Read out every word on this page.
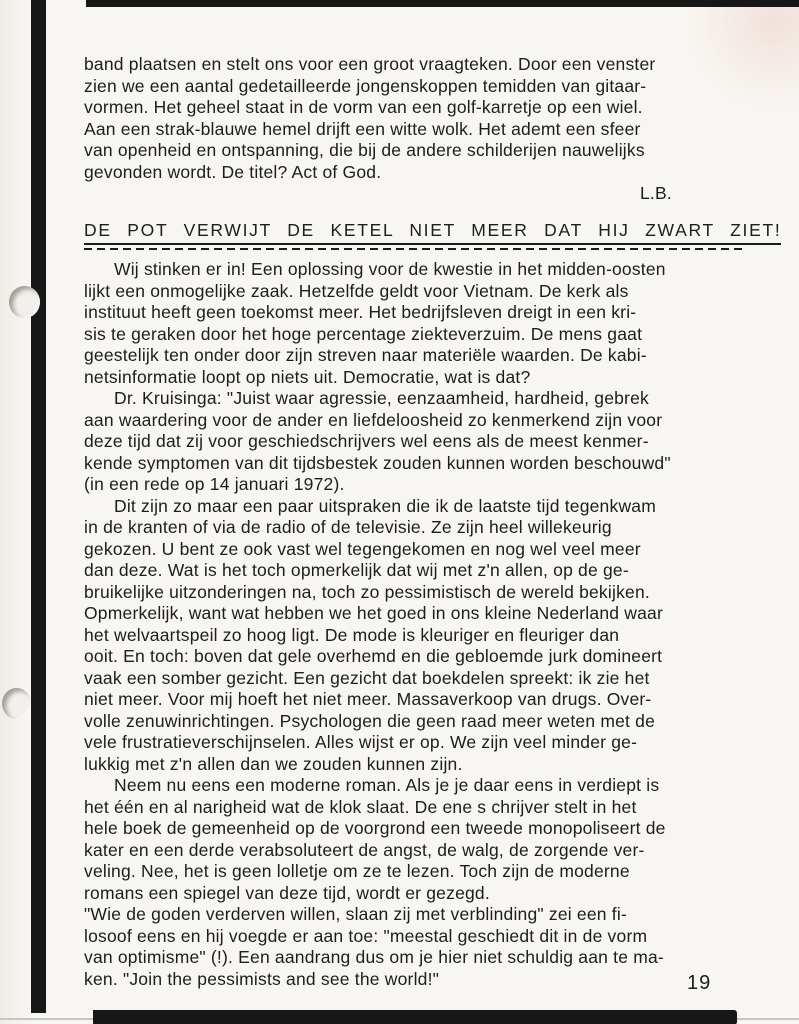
band plaatsen en stelt ons voor een groot vraagteken. Door een venster
zien we een aantal gedetailleerde jongenskoppen temidden van gitaar-
vormen. Het geheel staat in de vorm van een golf-karretje op een wiel.
Aan een strak-blauwe hemel drijft een witte wolk. Het ademt een sfeer
van openheid en ontspanning, die bij de andere schilderijen nauwelijks
gevonden wordt. De titel? Act of God.
L.B.
DE POT VERWIJT DE KETEL NIET MEER DAT HIJ ZWART ZIET!
Wij stinken er in! Een oplossing voor de kwestie in het midden-oosten
lijkt een onmogelijke zaak. Hetzelfde geldt voor Vietnam. De kerk als
instituut heeft geen toekomst meer. Het bedrijfsleven dreigt in een kri-
sis te geraken door het hoge percentage ziekteverzuim. De mens gaat
geestelijk ten onder door zijn streven naar materiële waarden. De kabi-
netsinformatie loopt op niets uit. Democratie, wat is dat?
Dr. Kruisinga: "Juist waar agressie, eenzaamheid, hardheid, gebrek
aan waardering voor de ander en liefdeloosheid zo kenmerkend zijn voor
deze tijd dat zij voor geschiedschrijvers wel eens als de meest kenmer-
kende symptomen van dit tijdsbestek zouden kunnen worden beschouwd"
(in een rede op 14 januari 1972).
Dit zijn zo maar een paar uitspraken die ik de laatste tijd tegenkwam
in de kranten of via de radio of de televisie. Ze zijn heel willekeurig
gekozen. U bent ze ook vast wel tegengekomen en nog wel veel meer
dan deze. Wat is het toch opmerkelijk dat wij met z'n allen, op de ge-
bruikelijke uitzonderingen na, toch zo pessimistisch de wereld bekijken.
Opmerkelijk, want wat hebben we het goed in ons kleine Nederland waar
het welvaartspeil zo hoog ligt. De mode is kleuriger en fleuriger dan
ooit. En toch: boven dat gele overhemd en die gebloemde jurk domineert
vaak een somber gezicht. Een gezicht dat boekdelen spreekt: ik zie het
niet meer. Voor mij hoeft het niet meer. Massaverkoop van drugs. Over-
volle zenuwinrichtingen. Psychologen die geen raad meer weten met de
vele frustratieverschijnselen. Alles wijst er op. We zijn veel minder ge-
lukkig met z'n allen dan we zouden kunnen zijn.
Neem nu eens een moderne roman. Als je je daar eens in verdiept is
het één en al narigheid wat de klok slaat. De ene s chrijver stelt in het
hele boek de gemeenheid op de voorgrond een tweede monopoliseert de
kater en een derde verabsoluteert de angst, de walg, de zorgende ver-
veling. Nee, het is geen lolletje om ze te lezen. Toch zijn de moderne
romans een spiegel van deze tijd, wordt er gezegd.
"Wie de goden verderven willen, slaan zij met verblinding" zei een fi-
losoof eens en hij voegde er aan toe: "meestal geschiedt dit in de vorm
van optimisme" (!). Een aandrang dus om je hier niet schuldig aan te ma-
ken. "Join the pessimists and see the world!"	19
